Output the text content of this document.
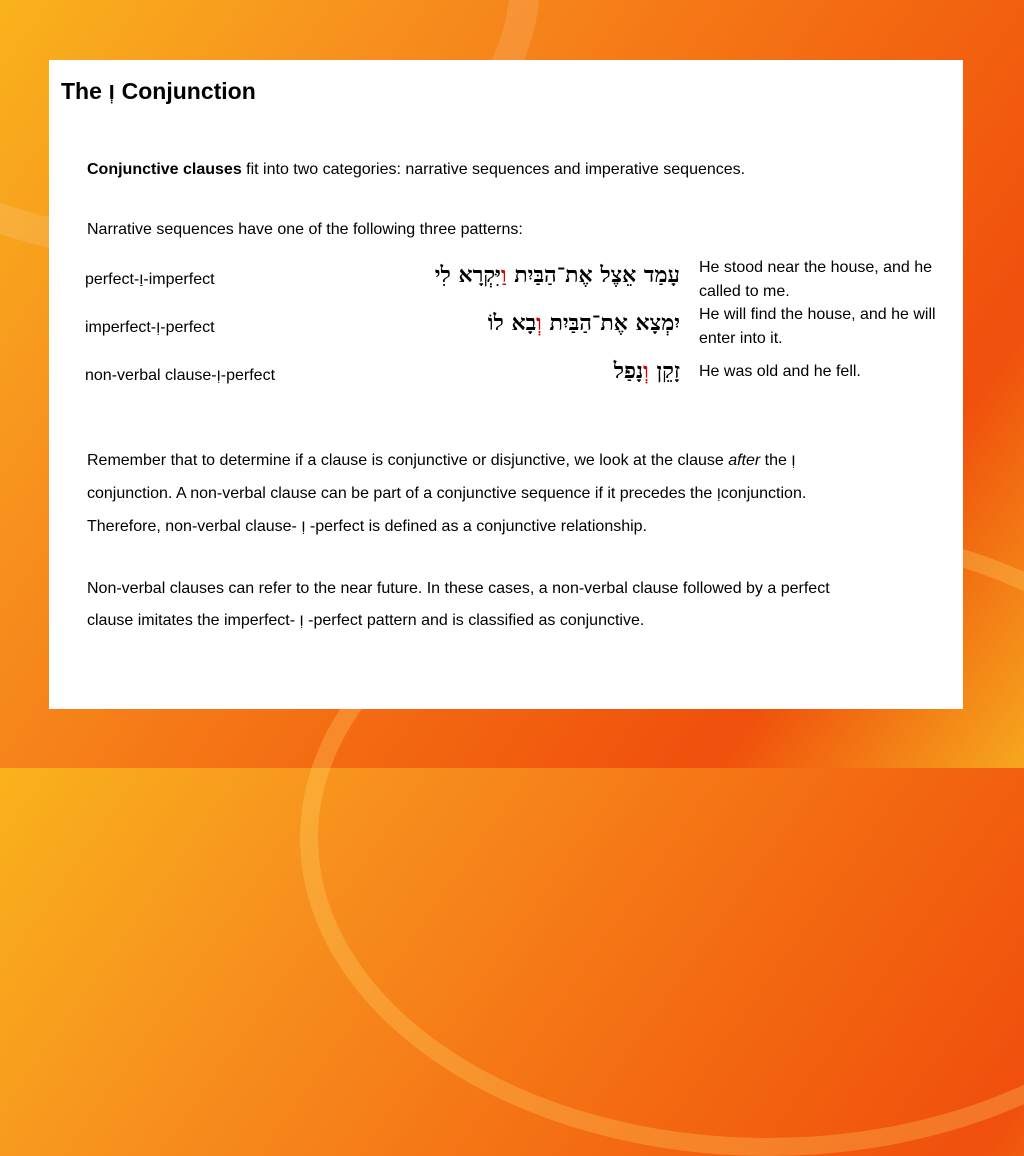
The וְ Conjunction
Conjunctive clauses fit into two categories: narrative sequences and imperative sequences.
Narrative sequences have one of the following three patterns:
perfect-וַ-imperfect	עָמַד אֵצֶל אֶת־הַבַּיִת וַיִּקְרָא לִי	He stood near the house, and he called to me.
imperfect-וְ-perfect	יִמְצָא אֶת־הַבַּיִת וְבָא לוֹ	He will find the house, and he will enter into it.
non-verbal clause-וְ-perfect	זָקֵן וְנָפַל	He was old and he fell.
Remember that to determine if a clause is conjunctive or disjunctive, we look at the clause after the וְ
conjunction. A non-verbal clause can be part of a conjunctive sequence if it precedes the וְconjunction.
Therefore, non-verbal clause- וְ -perfect is defined as a conjunctive relationship.
Non-verbal clauses can refer to the near future. In these cases, a non-verbal clause followed by a perfect
clause imitates the imperfect- וְ -perfect pattern and is classified as conjunctive.
